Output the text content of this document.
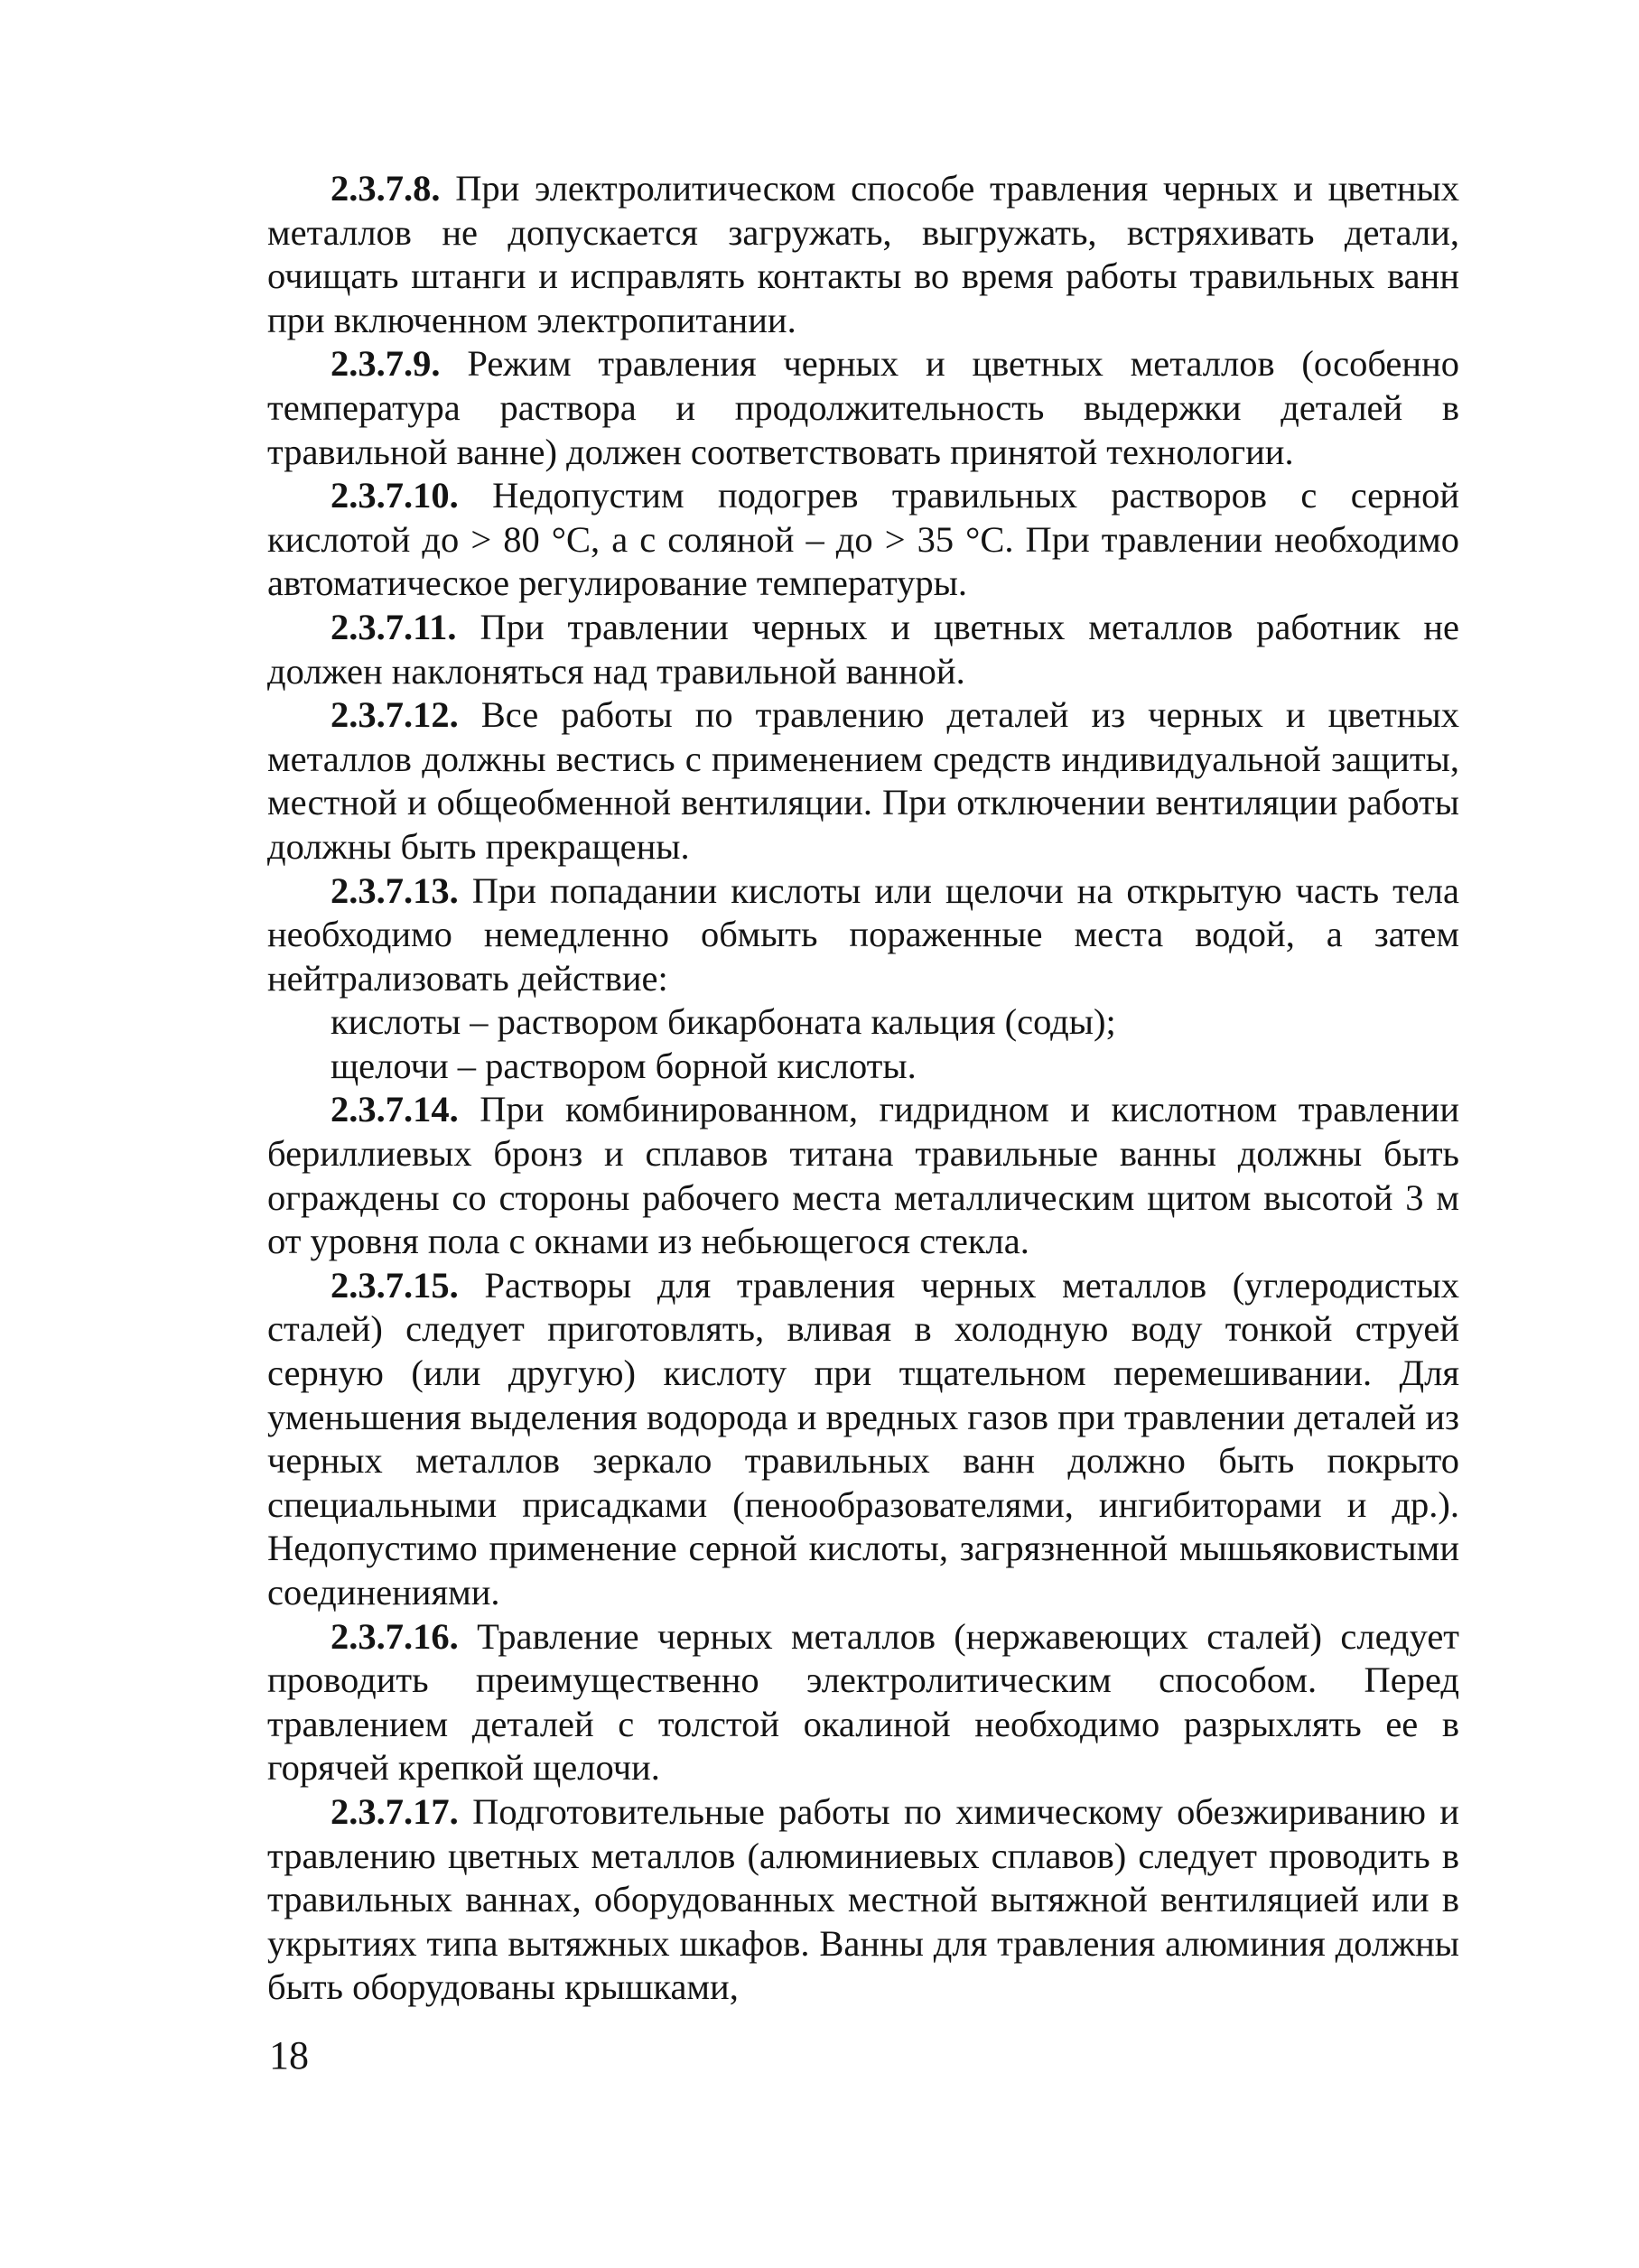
2.3.7.8. При электролитическом способе травления черных и цветных металлов не допускается загружать, выгружать, встряхивать детали, очищать штанги и исправлять контакты во время работы травильных ванн при включенном электропитании.

2.3.7.9. Режим травления черных и цветных металлов (особенно температура раствора и продолжительность выдержки деталей в травильной ванне) должен соответствовать принятой технологии.

2.3.7.10. Недопустим подогрев травильных растворов с серной кислотой до > 80 °С, а с соляной – до > 35 °С. При травлении необходимо автоматическое регулирование температуры.

2.3.7.11. При травлении черных и цветных металлов работник не должен наклоняться над травильной ванной.

2.3.7.12. Все работы по травлению деталей из черных и цветных металлов должны вестись с применением средств индивидуальной защиты, местной и общеобменной вентиляции. При отключении вентиляции работы должны быть прекращены.

2.3.7.13. При попадании кислоты или щелочи на открытую часть тела необходимо немедленно обмыть пораженные места водой, а затем нейтрализовать действие:

кислоты – раствором бикарбоната кальция (соды);

щелочи – раствором борной кислоты.

2.3.7.14. При комбинированном, гидридном и кислотном травлении бериллиевых бронз и сплавов титана травильные ванны должны быть ограждены со стороны рабочего места металлическим щитом высотой 3 м от уровня пола с окнами из небьющегося стекла.

2.3.7.15. Растворы для травления черных металлов (углеродистых сталей) следует приготовлять, вливая в холодную воду тонкой струей серную (или другую) кислоту при тщательном перемешивании. Для уменьшения выделения водорода и вредных газов при травлении деталей из черных металлов зеркало травильных ванн должно быть покрыто специальными присадками (пенообразователями, ингибиторами и др.). Недопустимо применение серной кислоты, загрязненной мышьяковистыми соединениями.

2.3.7.16. Травление черных металлов (нержавеющих сталей) следует проводить преимущественно электролитическим способом. Перед травлением деталей с толстой окалиной необходимо разрыхлять ее в горячей крепкой щелочи.

2.3.7.17. Подготовительные работы по химическому обезжириванию и травлению цветных металлов (алюминиевых сплавов) следует проводить в травильных ваннах, оборудованных местной вытяжной вентиляцией или в укрытиях типа вытяжных шкафов. Ванны для травления алюминия должны быть оборудованы крышками,

18
